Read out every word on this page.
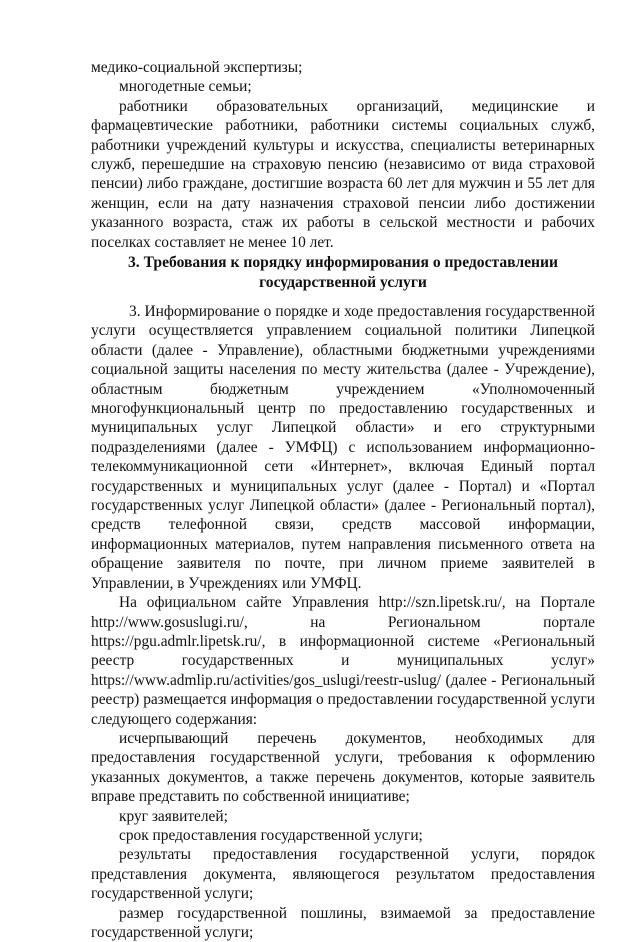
медико-социальной экспертизы;

многодетные семьи;

работники образовательных организаций, медицинские и фармацевтические работники, работники системы социальных служб, работники учреждений культуры и искусства, специалисты ветеринарных служб, перешедшие на страховую пенсию (независимо от вида страховой пенсии) либо граждане, достигшие возраста 60 лет для мужчин и 55 лет для женщин, если на дату назначения страховой пенсии либо достижении указанного возраста, стаж их работы в сельской местности и рабочих поселках составляет не менее 10 лет.

3. Требования к порядку информирования о предоставлении
государственной услуги

3. Информирование о порядке и ходе предоставления государственной услуги осуществляется управлением социальной политики Липецкой области (далее - Управление), областными бюджетными учреждениями социальной защиты населения по месту жительства (далее - Учреждение), областным бюджетным учреждением «Уполномоченный многофункциональный центр по предоставлению государственных и муниципальных услуг Липецкой области» и его структурными подразделениями (далее - УМФЦ) с использованием информационно-телекоммуникационной сети «Интернет», включая Единый портал государственных и муниципальных услуг (далее - Портал) и «Портал государственных услуг Липецкой области» (далее - Региональный портал), средств телефонной связи, средств массовой информации, информационных материалов, путем направления письменного ответа на обращение заявителя по почте, при личном приеме заявителей в Управлении, в Учреждениях или УМФЦ.

На официальном сайте Управления http://szn.lipetsk.ru/, на Портале http://www.gosuslugi.ru/, на Региональном портале https://pgu.admlr.lipetsk.ru/, в информационной системе «Региональный реестр государственных и муниципальных услуг» https://www.admlip.ru/activities/gos_uslugi/reestr-uslug/ (далее - Региональный реестр) размещается информация о предоставлении государственной услуги следующего содержания:

исчерпывающий перечень документов, необходимых для предоставления государственной услуги, требования к оформлению указанных документов, а также перечень документов, которые заявитель вправе представить по собственной инициативе;

круг заявителей;

срок предоставления государственной услуги;

результаты предоставления государственной услуги, порядок представления документа, являющегося результатом предоставления государственной услуги;

размер государственной пошлины, взимаемой за предоставление государственной услуги;
